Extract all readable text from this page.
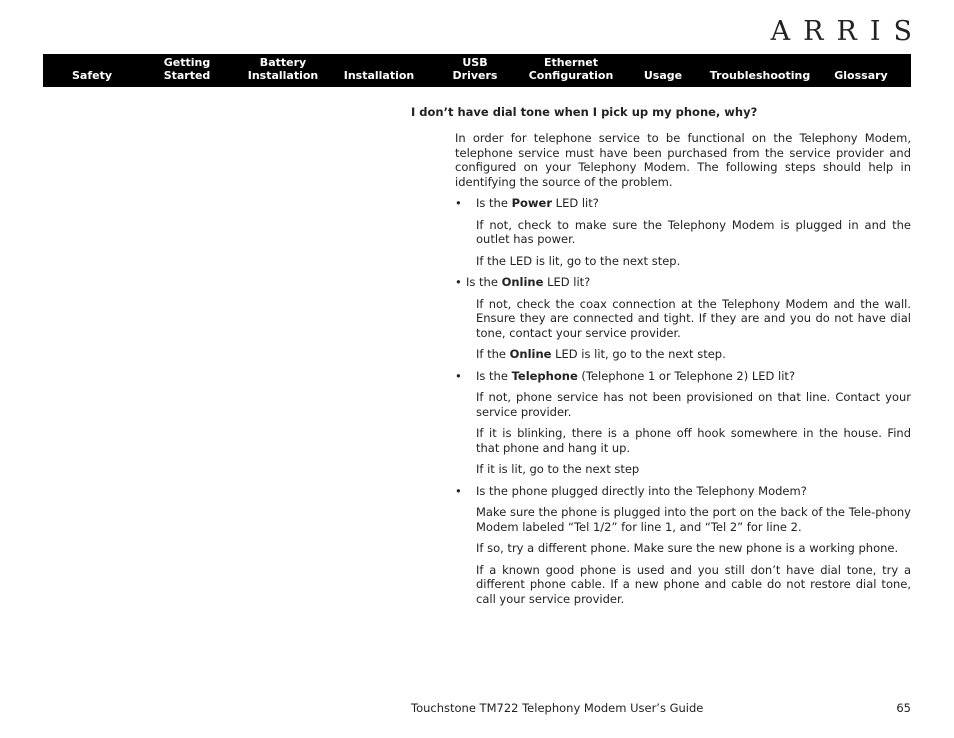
ARRIS
Safety
Getting
Started
Battery
Installation Installation
USB
Drivers
Ethernet
Configuration	Usage	Troubleshooting Glossary
I don’t have dial tone when I pick up my phone, why?

In order for telephone service to be functional on the Telephony Modem, telephone service must have been purchased from the service provider and configured on your Telephony Modem. The following steps should help in identifying the source of the problem.

•	Is the Power LED lit?

If not, check to make sure the Telephony Modem is plugged in and the outlet has power.

If the LED is lit, go to the next step.

• Is the Online LED lit?

If not, check the coax connection at the Telephony Modem and the wall. Ensure they are connected and tight. If they are and you do not have dial tone, contact your service provider.

If the Online LED is lit, go to the next step.

•	Is the Telephone (Telephone 1 or Telephone 2) LED lit?

If not, phone service has not been provisioned on that line. Contact your service provider.

If it is blinking, there is a phone off hook somewhere in the house. Find that phone and hang it up.

If it is lit, go to the next step

•	Is the phone plugged directly into the Telephony Modem?

Make sure the phone is plugged into the port on the back of the Tele-phony Modem labeled “Tel 1/2” for line 1, and “Tel 2” for line 2.

If so, try a different phone. Make sure the new phone is a working phone.

If a known good phone is used and you still don’t have dial tone, try a different phone cable. If a new phone and cable do not restore dial tone, call your service provider.

Touchstone TM722 Telephony Modem User’s Guide	65
